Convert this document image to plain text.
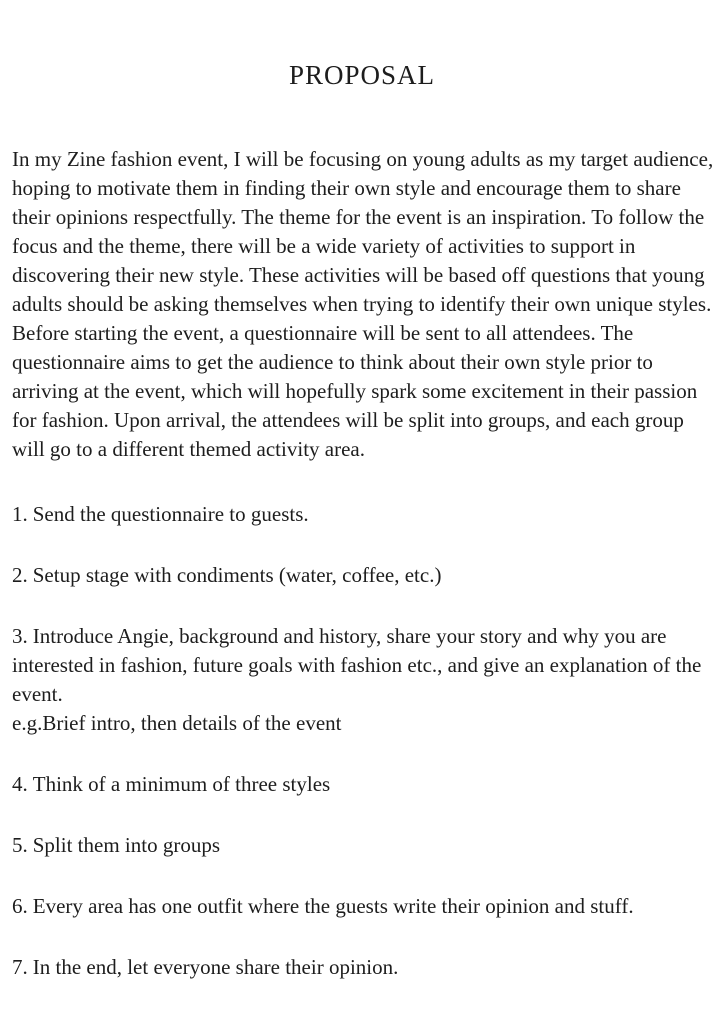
PROPOSAL

In my Zine fashion event, I will be focusing on young adults as my target audience, hoping to motivate them in finding their own style and encourage them to share their opinions respectfully. The theme for the event is an inspiration. To follow the focus and the theme, there will be a wide variety of activities to support in discovering their new style. These activities will be based off questions that young adults should be asking themselves when trying to identify their own unique styles. Before starting the event, a questionnaire will be sent to all attendees. The questionnaire aims to get the audience to think about their own style prior to arriving at the event, which will hopefully spark some excitement in their passion for fashion. Upon arrival, the attendees will be split into groups, and each group will go to a different themed activity area.

1. Send the questionnaire to guests.
2. Setup stage with condiments (water, coffee, etc.)
3. Introduce Angie, background and history, share your story and why you are interested in fashion, future goals with fashion etc., and give an explanation of the event.
e.g.Brief intro, then details of the event
4. Think of a minimum of three styles
5. Split them into groups
6. Every area has one outfit where the guests write their opinion and stuff.
7. In the end, let everyone share their opinion.
